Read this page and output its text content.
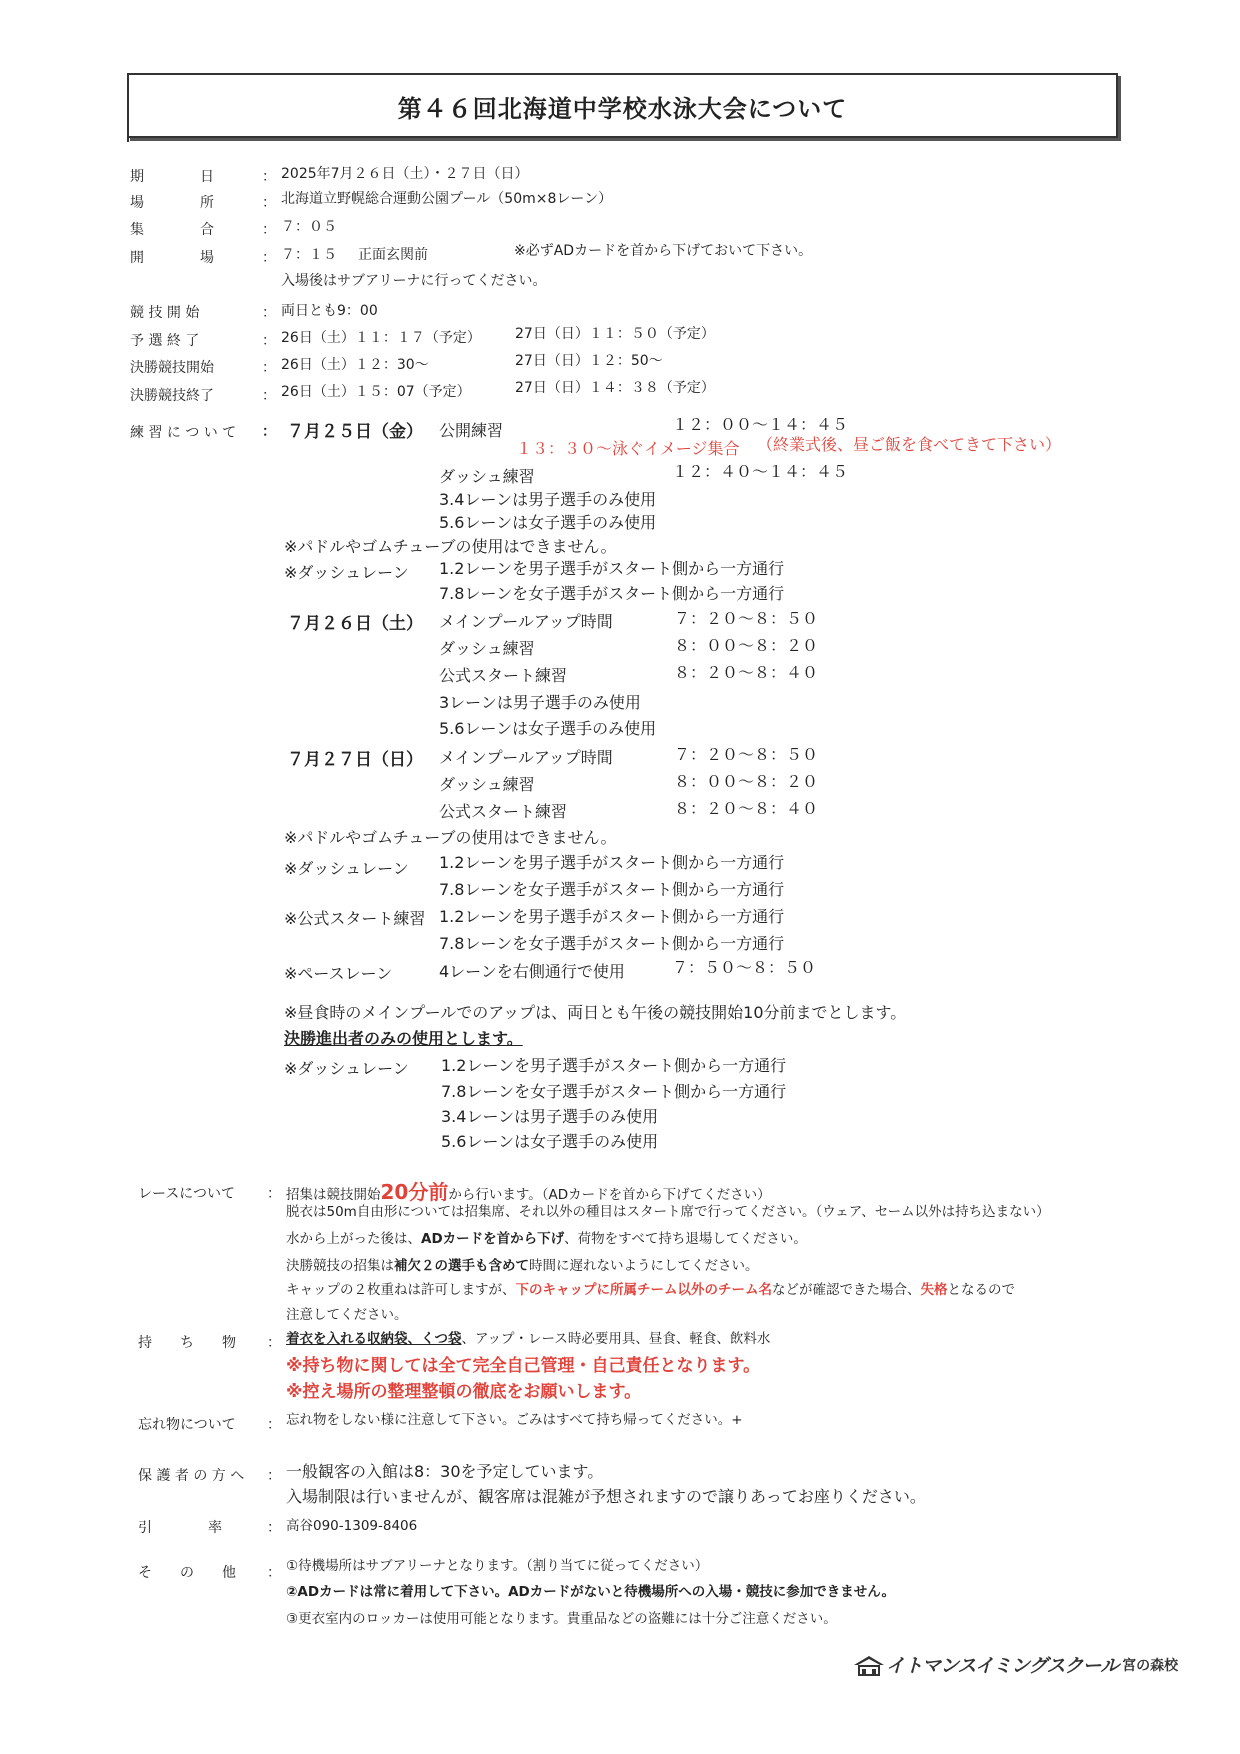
第４６回北海道中学校水泳大会について
期　　　　日	： 2025年7月２６日（土）・２７日（日）
場　　　　所	： 北海道立野幌総合運動公園プール（50m×8レーン）
集　　　　合	： ７：０５
開　　　　場	： ７：１５ 正面玄関前	※必ずADカードを首から下げておいて下さい。
入場後はサブアリーナに行ってください。
競 技 開 始	： 両日とも9：00
予 選 終 了	： 26日（土）１１：１７（予定） 27日（日）１１：５０（予定）
決勝競技開始	： 26日（土）１２：30～	27日（日）１２：50～
決勝競技終了	： 26日（土）１５：07（予定）	27日（日）１４：３８（予定）
練 習 に つ い て ： ７月２５日（金） 公開練習	１２：００〜１４：４５
１３：３０〜泳ぐイメージ集合 （終業式後、昼ご飯を食べてきて下さい）
ダッシュ練習	１２：４０〜１４：４５
3.4レーンは男子選手のみ使用
5.6レーンは女子選手のみ使用
※パドルやゴムチューブの使用はできません。
※ダッシュレーン 1.2レーンを男子選手がスタート側から一方通行
7.8レーンを女子選手がスタート側から一方通行
７月２６日（土） メインプールアップ時間	７：２０〜８：５０
ダッシュ練習	８：００〜８：２０
公式スタート練習	８：２０〜８：４０
3レーンは男子選手のみ使用
5.6レーンは女子選手のみ使用
７月２７日（日） メインプールアップ時間	７：２０〜８：５０
ダッシュ練習	８：００〜８：２０
公式スタート練習	８：２０〜８：４０
※パドルやゴムチューブの使用はできません。
※ダッシュレーン 1.2レーンを男子選手がスタート側から一方通行
7.8レーンを女子選手がスタート側から一方通行
※公式スタート練習 1.2レーンを男子選手がスタート側から一方通行
7.8レーンを女子選手がスタート側から一方通行
※ペースレーン	4レーンを右側通行で使用	７：５０〜８：５０
※昼食時のメインプールでのアップは、両日とも午後の競技開始10分前までとします。
決勝進出者のみの使用とします。
※ダッシュレーン 1.2レーンを男子選手がスタート側から一方通行
7.8レーンを女子選手がスタート側から一方通行
3.4レーンは男子選手のみ使用
5.6レーンは女子選手のみ使用
レースについて ： 招集は競技開始20分前から行います。（ADカードを首から下げてください）
脱衣は50m自由形については招集席、それ以外の種目はスタート席で行ってください。（ウェア、セーム以外は持ち込まない）
水から上がった後は、ADカードを首から下げ、荷物をすべて持ち退場してください。
決勝競技の招集は補欠２の選手も含めて時間に遅れないようにしてください。
キャップの２枚重ねは許可しますが、下のキャップに所属チーム以外のチーム名などが確認できた場合、失格となるので
注意してください。
持　　ち　　物 ： 着衣を入れる収納袋、くつ袋、アップ・レース時必要用具、昼食、軽食、飲料水
※持ち物に関しては全て完全自己管理・自己責任となります。
※控え場所の整理整頓の徹底をお願いします。
忘れ物について ： 忘れ物をしない様に注意して下さい。ごみはすべて持ち帰ってください。+
保 護 者 の 方 へ ： 一般観客の入館は8：30を予定しています。
入場制限は行いませんが、観客席は混雑が予想されますので譲りあってお座りください。
引　　　　率	： 高谷090-1309-8406
そ　　の　　他 ： ①待機場所はサブアリーナとなります。（割り当てに従ってください）
②ADカードは常に着用して下さい。ADカードがないと待機場所への入場・競技に参加できません。
③更衣室内のロッカーは使用可能となります。貴重品などの盗難には十分ご注意ください。
イトマンスイミングスクール 宮の森校
